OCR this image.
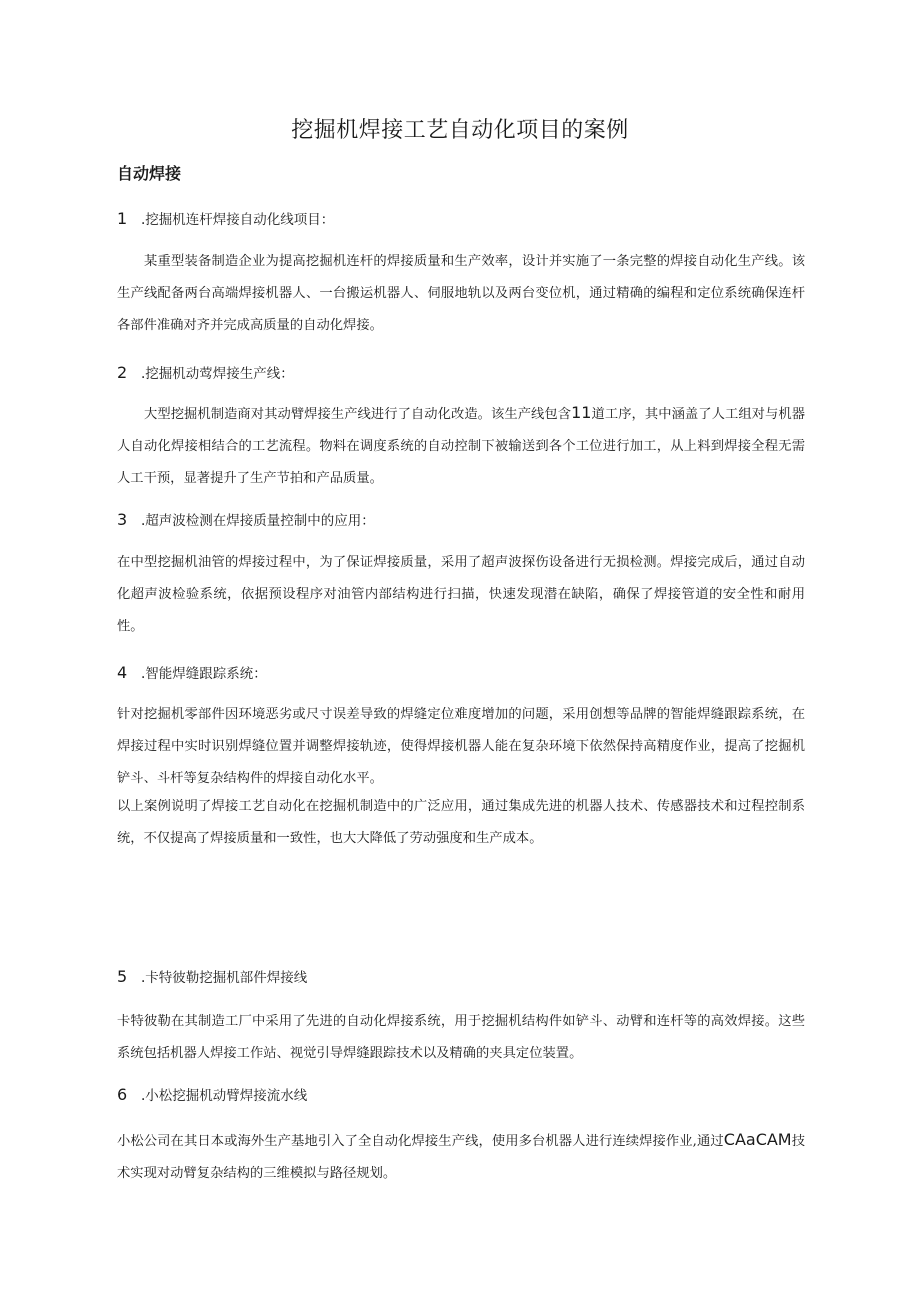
挖掘机焊接工艺自动化项目的案例
自动焊接
1 .挖掘机连杆焊接自动化线项目：

某重型装备制造企业为提高挖掘机连杆的焊接质量和生产效率，设计并实施了一条完整的焊接自动化生产线。该生产线配备两台高端焊接机器人、一台搬运机器人、伺服地轨以及两台变位机，通过精确的编程和定位系统确保连杆各部件准确对齐并完成高质量的自动化焊接。

2 .挖掘机动莺焊接生产线：

大型挖掘机制造商对其动臂焊接生产线进行了自动化改造。该生产线包含11道工序，其中涵盖了人工组对与机器人自动化焊接相结合的工艺流程。物料在调度系统的自动控制下被输送到各个工位进行加工，从上料到焊接全程无需人工干预，显著提升了生产节拍和产品质量。

3 .超声波检测在焊接质量控制中的应用：

在中型挖掘机油管的焊接过程中，为了保证焊接质量，采用了超声波探伤设备进行无损检测。焊接完成后，通过自动化超声波检验系统，依据预设程序对油管内部结构进行扫描，快速发现潜在缺陷，确保了焊接管道的安全性和耐用性。

4 .智能焊缝跟踪系统：

针对挖掘机零部件因环境恶劣或尺寸误差导致的焊缝定位难度增加的问题，采用创想等品牌的智能焊缝跟踪系统，在焊接过程中实时识别焊缝位置并调整焊接轨迹，使得焊接机器人能在复杂环境下依然保持高精度作业，提高了挖掘机铲斗、斗杆等复杂结构件的焊接自动化水平。

以上案例说明了焊接工艺自动化在挖掘机制造中的广泛应用，通过集成先进的机器人技术、传感器技术和过程控制系统，不仅提高了焊接质量和一致性，也大大降低了劳动强度和生产成本。

5 .卡特彼勒挖掘机部件焊接线

卡特彼勒在其制造工厂中采用了先进的自动化焊接系统，用于挖掘机结构件如铲斗、动臂和连杆等的高效焊接。这些系统包括机器人焊接工作站、视觉引导焊缝跟踪技术以及精确的夹具定位装置。

6 .小松挖掘机动臂焊接流水线

小松公司在其日本或海外生产基地引入了全自动化焊接生产线，使用多台机器人进行连续焊接作业,通过CAaCAM技术实现对动臂复杂结构的三维模拟与路径规划。
